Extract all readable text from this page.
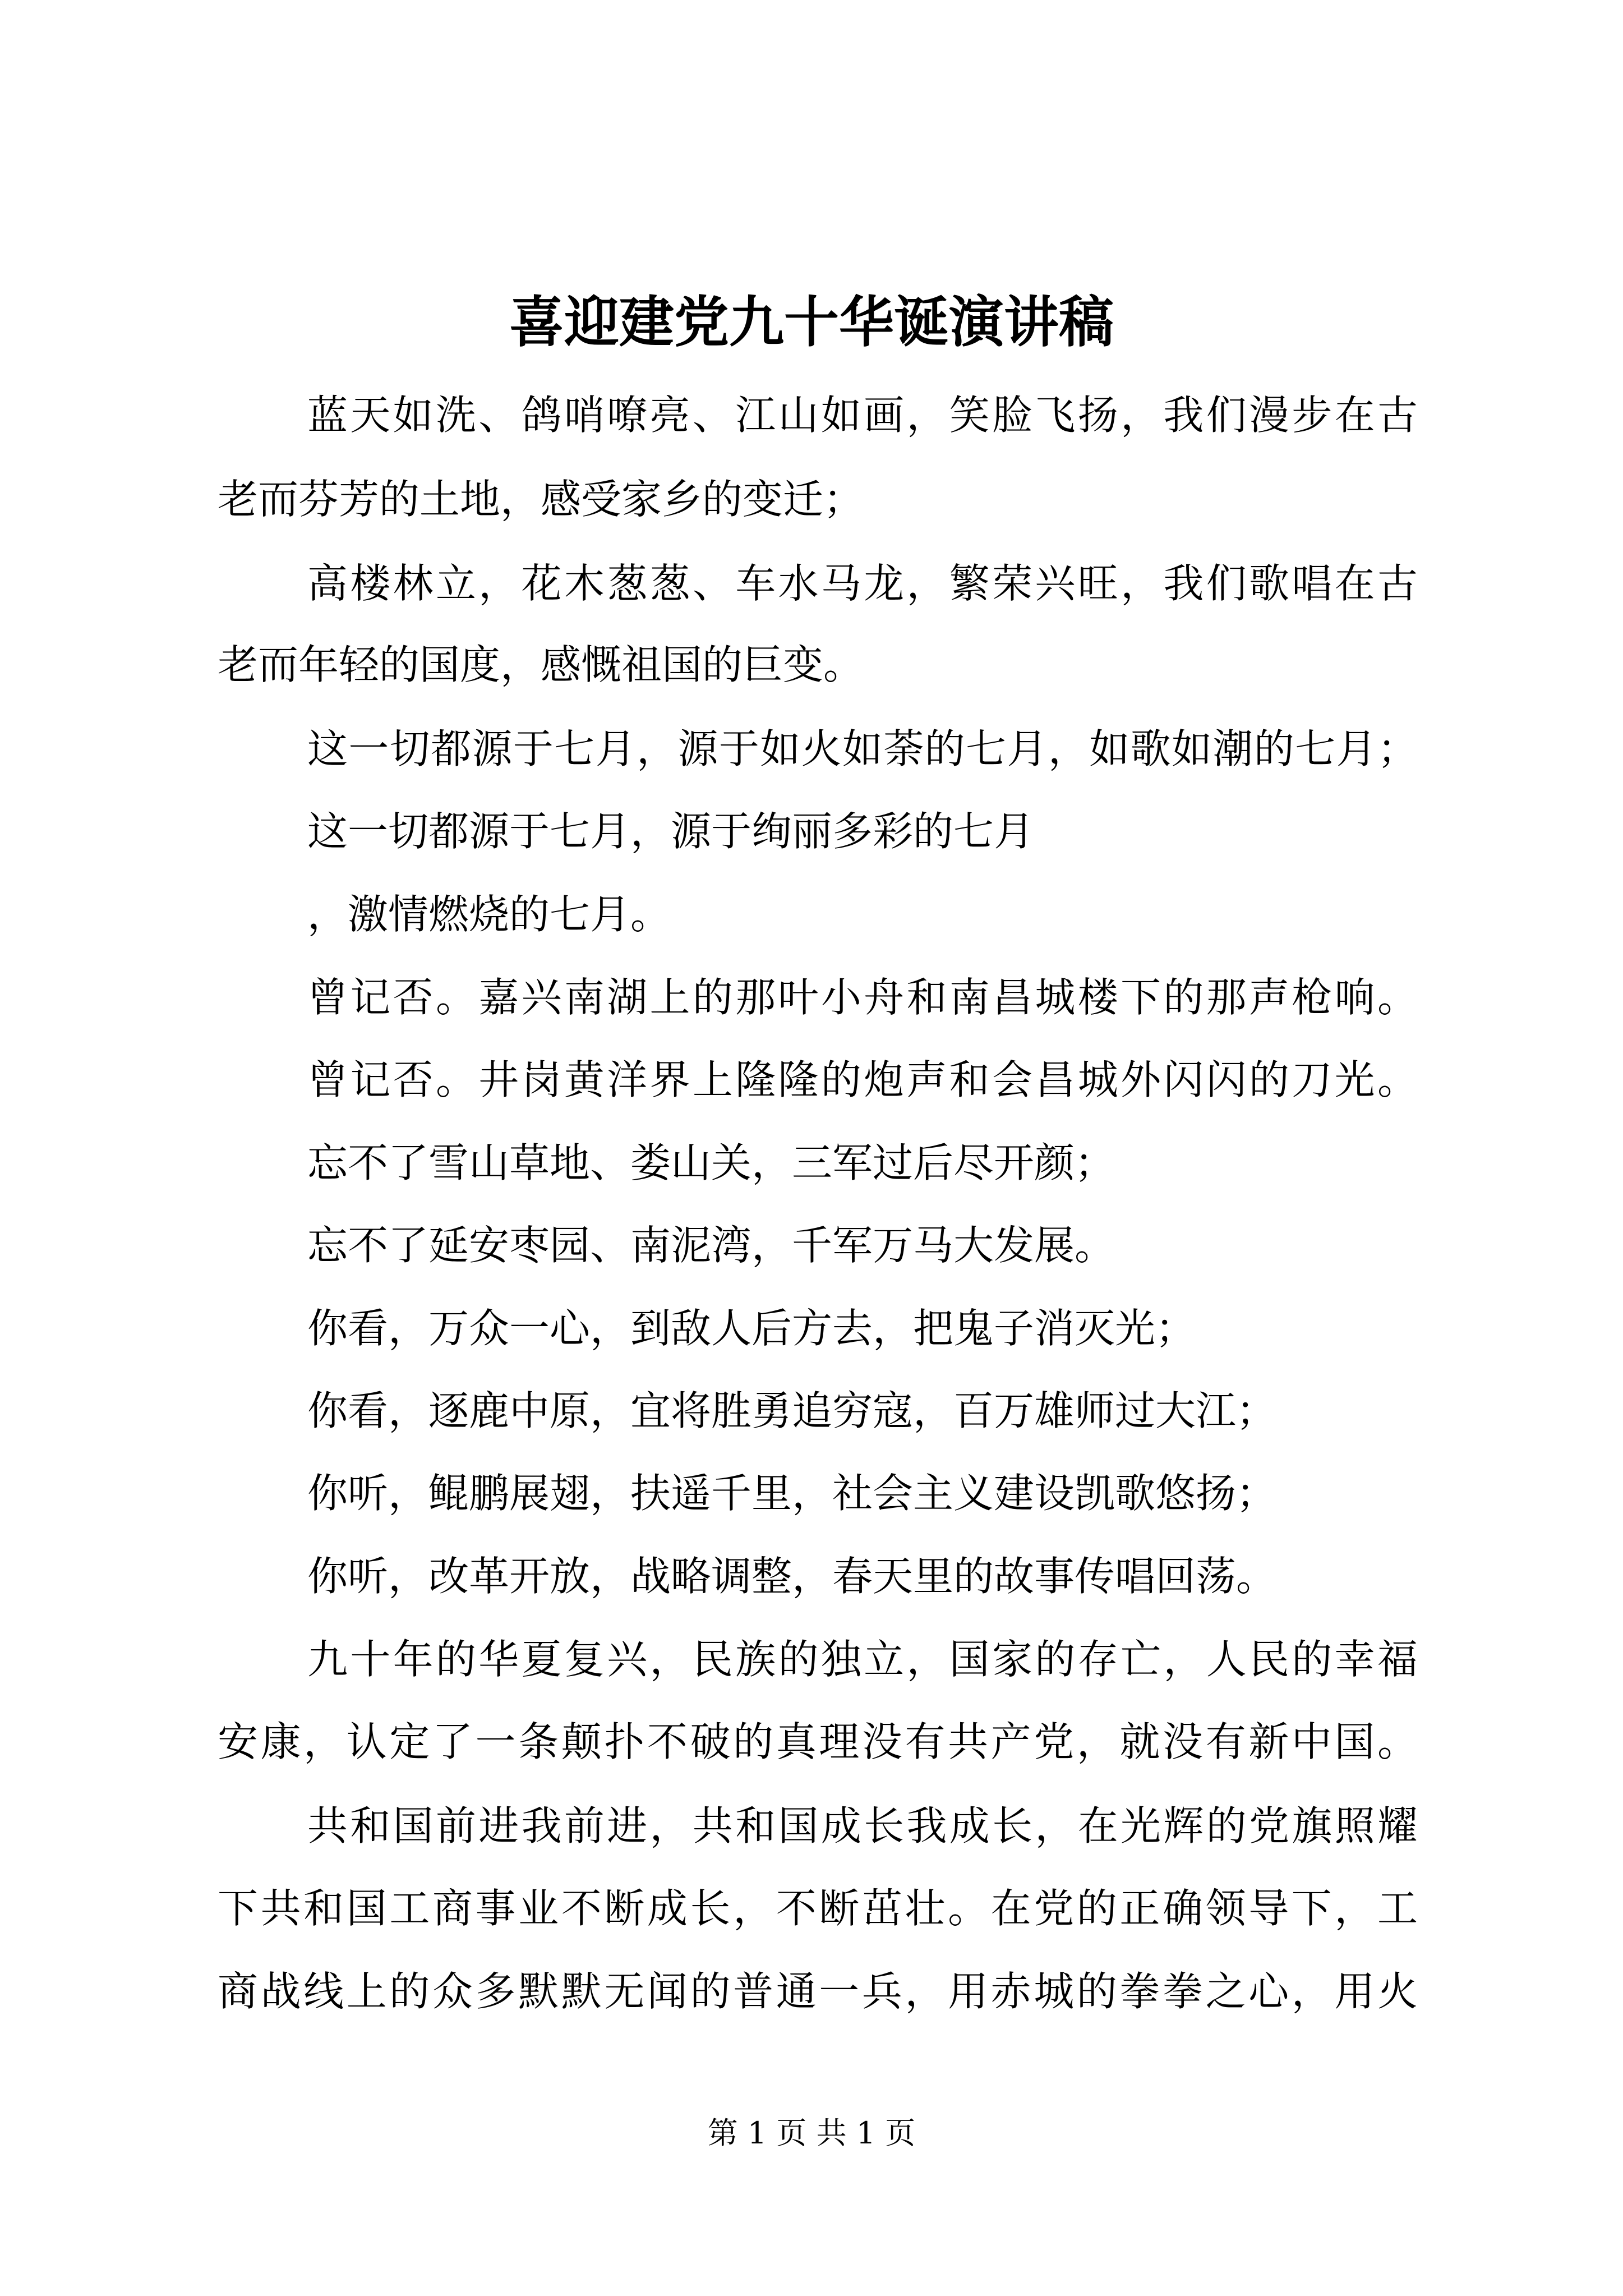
喜迎建党九十华诞演讲稿
蓝天如洗、鸽哨嘹亮、江山如画，笑脸飞扬，我们漫步在古
老而芬芳的土地，感受家乡的变迁；
高楼林立，花木葱葱、车水马龙，繁荣兴旺，我们歌唱在古
老而年轻的国度，感慨祖国的巨变。
这一切都源于七月，源于如火如荼的七月，如歌如潮的七月；
这一切都源于七月，源于绚丽多彩的七月
，激情燃烧的七月。
曾记否。嘉兴南湖上的那叶小舟和南昌城楼下的那声枪响。
曾记否。井岗黄洋界上隆隆的炮声和会昌城外闪闪的刀光。
忘不了雪山草地、娄山关，三军过后尽开颜；
忘不了延安枣园、南泥湾，千军万马大发展。
你看，万众一心，到敌人后方去，把鬼子消灭光；
你看，逐鹿中原，宜将胜勇追穷寇，百万雄师过大江；
你听，鲲鹏展翅，扶遥千里，社会主义建设凯歌悠扬；
你听，改革开放，战略调整，春天里的故事传唱回荡。
九十年的华夏复兴，民族的独立，国家的存亡，人民的幸福
安康，认定了一条颠扑不破的真理没有共产党，就没有新中国。
共和国前进我前进，共和国成长我成长，在光辉的党旗照耀
下共和国工商事业不断成长，不断茁壮。在党的正确领导下，工
商战线上的众多默默无闻的普通一兵，用赤城的拳拳之心，用火
第 1 页 共 1 页
